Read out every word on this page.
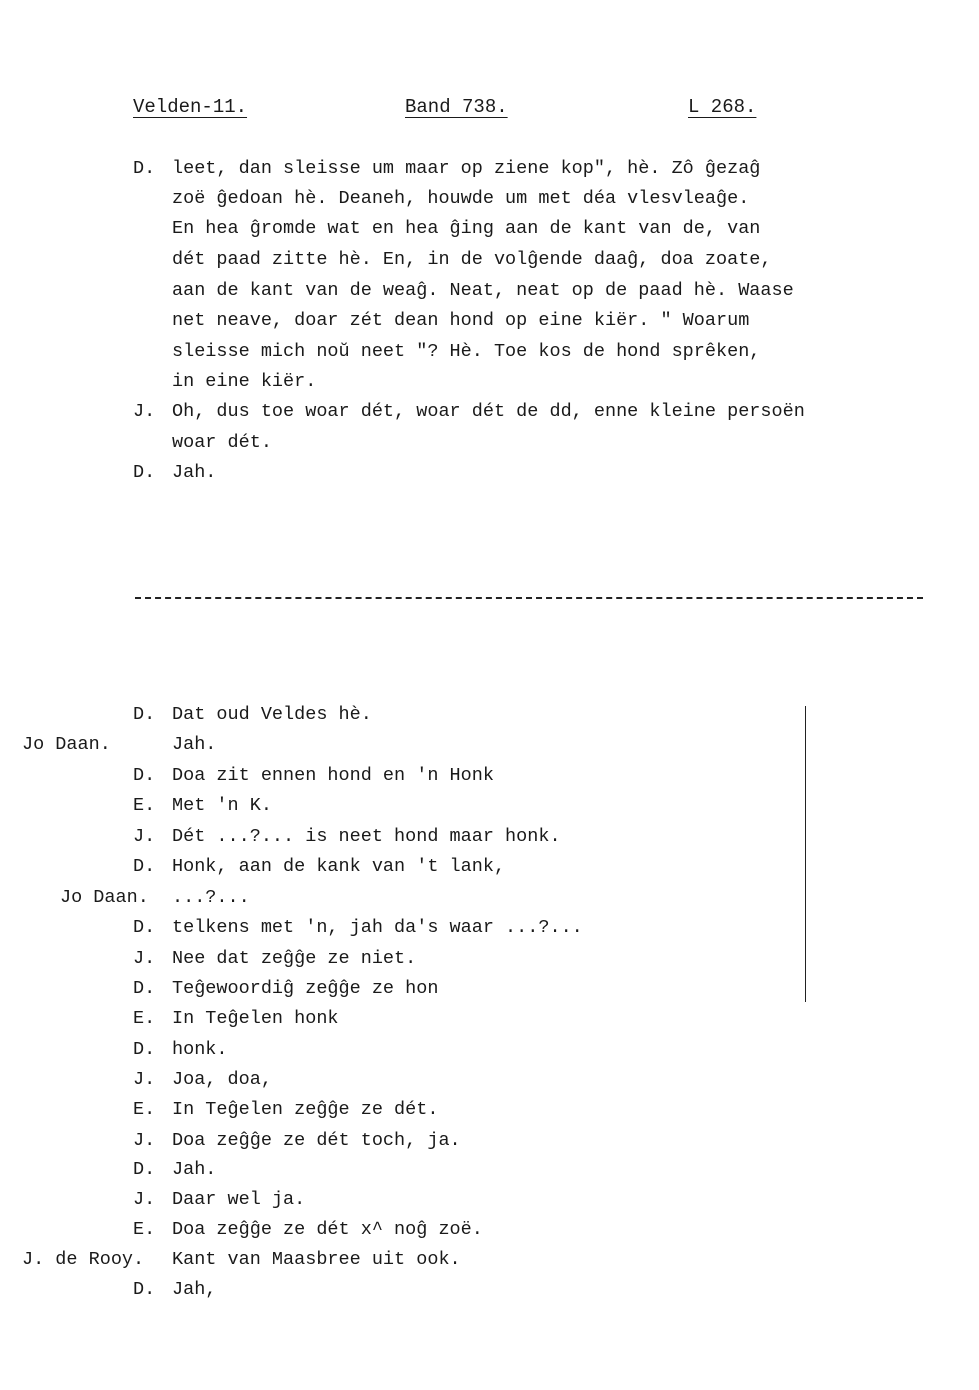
Velden-11.	Band 738.	L 268.
D. leet, dan sleisse um maar op ziene kop", hè. Zô ĝezaĝ
zoë ĝedoan hè. Deaneh, houwde um met déa vlesvleaĝe.
En hea ĝromde wat en hea ĝing aan de kant van de, van
dét paad zitte hè. En, in de volĝende daaĝ, doa zoate,
aan de kant van de weaĝ. Neat, neat op de paad hè. Waase
net neave, doar zét dean hond op eine kiër. " Woarum
sleisse mich noŭ neet "? Hè. Toe kos de hond sprêken,
in eine kiër.
J. Oh, dus toe woar dét, woar dét de dd, enne kleine persoën
woar dét.
D. Jah.
D. Dat oud Veldes hè.
Jo Daan.	Jah.
D. Doa zit ennen hond en 'n Honk
E. Met 'n K.
J. Dét ...?... is neet hond maar honk.
D. Honk, aan de kank van 't lank,
Jo Daan. ...?...
D. telkens met 'n, jah da's waar ...?...
J. Nee dat zeĝĝe ze niet.
D. Teĝewoordiĝ zeĝĝe ze hon
E. In Teĝelen honk
D. honk.
J. Joa, doa,
E. In Teĝelen zeĝĝe ze dét.
J. Doa zeĝĝe ze dét toch, ja.
D. Jah.
J. Daar wel ja.
E. Doa zeĝĝe ze dét x^ noĝ zoë.
J. de Rooy. Kant van Maasbree uit ook.
D. Jah,
